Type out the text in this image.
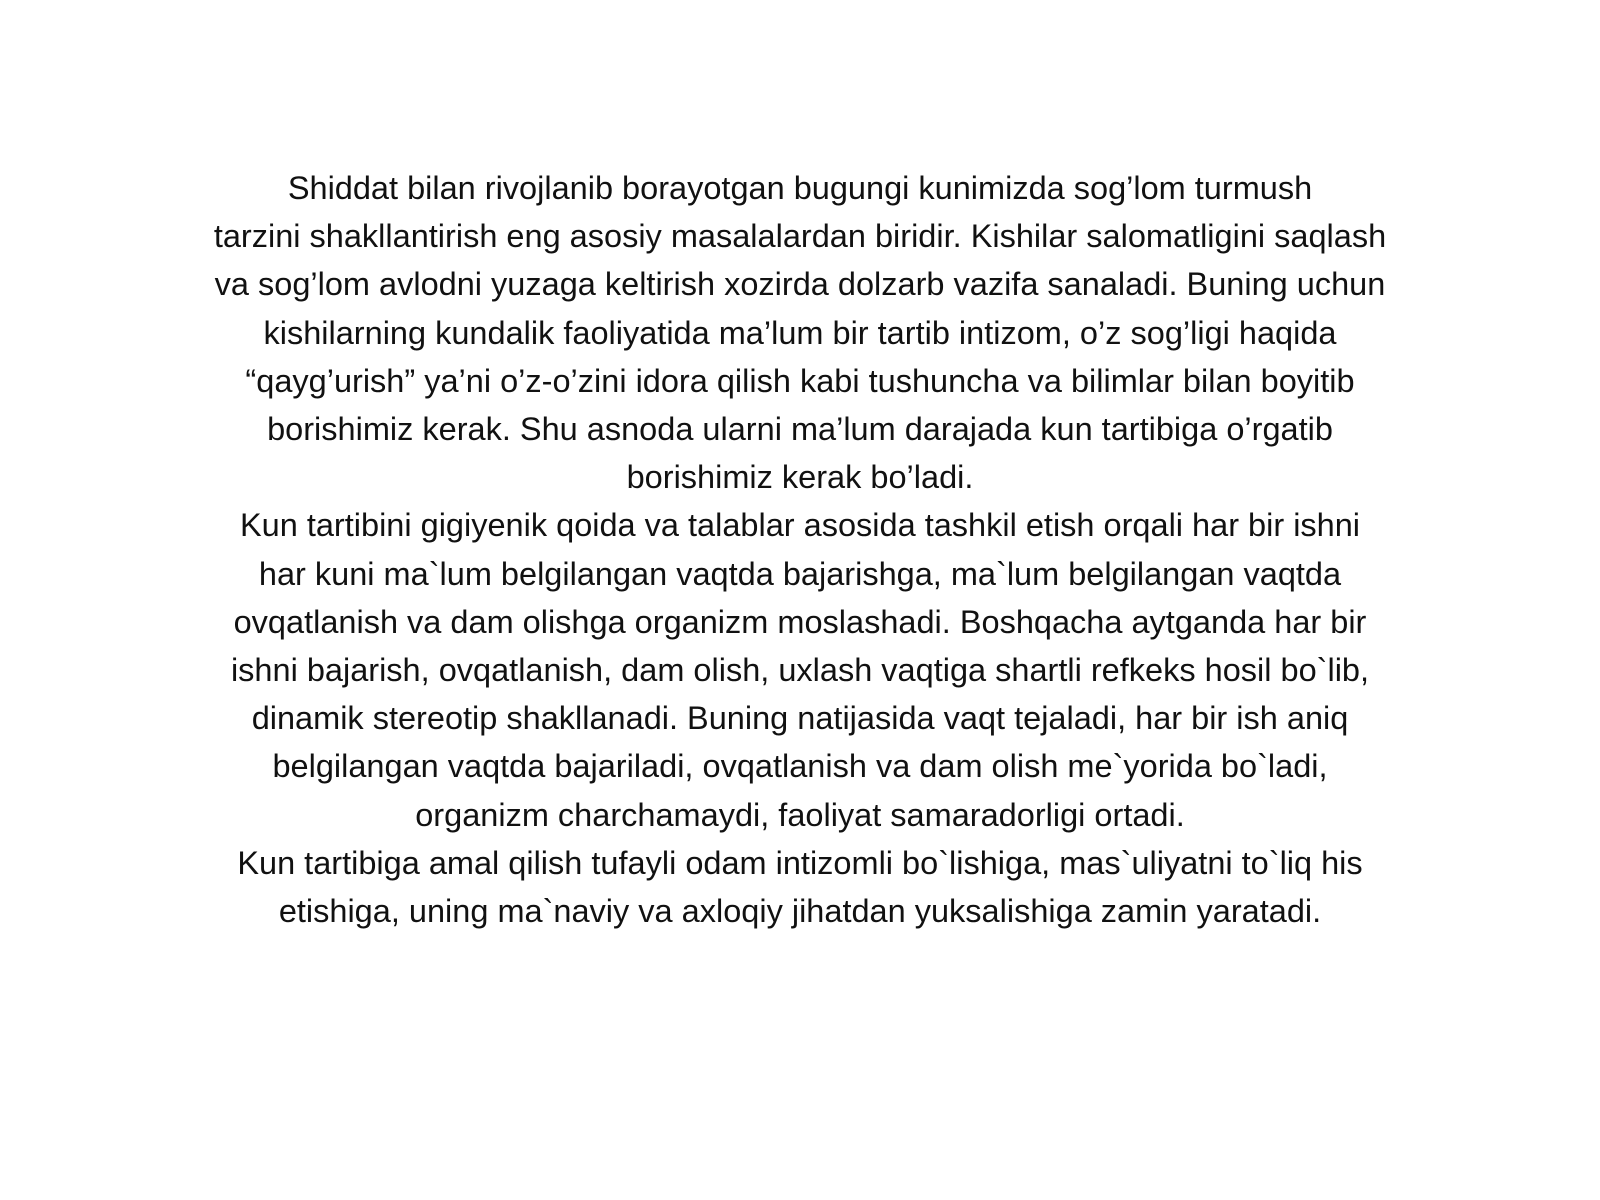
Shiddat bilan rivojlanib borayotgan bugungi kunimizda sog’lom turmush
tarzini shakllantirish eng asosiy masalalardan biridir. Kishilar salomatligini saqlash
va sog’lom avlodni yuzaga keltirish xozirda dolzarb vazifa sanaladi. Buning uchun
kishilarning kundalik faoliyatida ma’lum bir tartib intizom, o’z sog’ligi haqida
“qayg’urish” ya’ni o’z-o’zini idora qilish kabi tushuncha va bilimlar bilan boyitib
borishimiz kerak. Shu asnoda ularni ma’lum darajada kun tartibiga o’rgatib
borishimiz kerak bo’ladi.

Kun tartibini gigiyenik qoida va talablar asosida tashkil etish orqali har bir ishni
har kuni ma`lum belgilangan vaqtda bajarishga, ma`lum belgilangan vaqtda
ovqatlanish va dam olishga organizm moslashadi. Boshqacha aytganda har bir
ishni bajarish, ovqatlanish, dam olish, uxlash vaqtiga shartli refkeks hosil bo`lib,
dinamik stereotip shakllanadi. Buning natijasida vaqt tejaladi, har bir ish aniq
belgilangan vaqtda bajariladi, ovqatlanish va dam olish me`yorida bo`ladi,
organizm charchamaydi, faoliyat samaradorligi ortadi.

Kun tartibiga amal qilish tufayli odam intizomli bo`lishiga, mas`uliyatni to`liq his
etishiga, uning ma`naviy va axloqiy jihatdan yuksalishiga zamin yaratadi.
